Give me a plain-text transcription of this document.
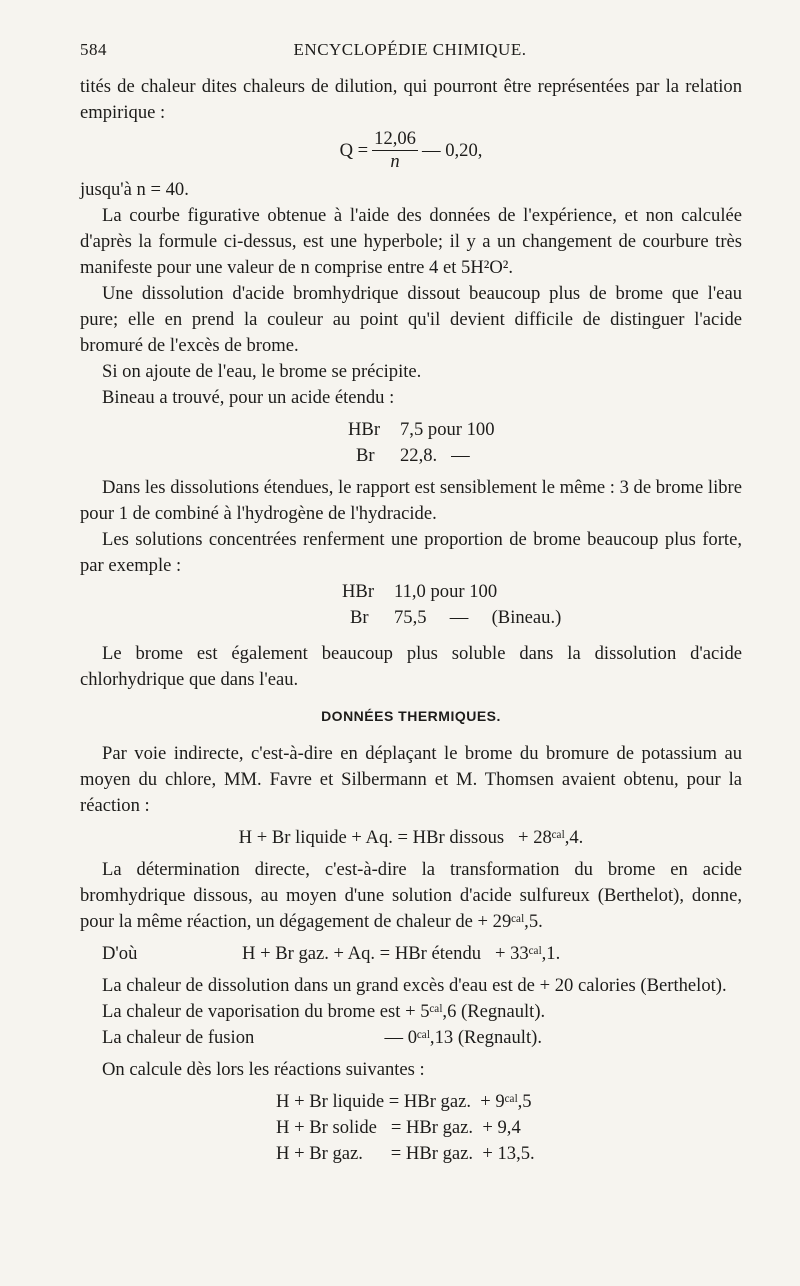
584	ENCYCLOPÉDIE CHIMIQUE.

tités de chaleur dites chaleurs de dilution, qui pourront être représentées par la relation empirique :

$Q = \frac{12,06}{n}$ — 0,20,

jusqu'à n = 40.

La courbe figurative obtenue à l'aide des données de l'expérience, et non calculée d'après la formule ci-dessus, est une hyperbole; il y a un changement de courbure très manifeste pour une valeur de n comprise entre 4 et 5H²O².

Une dissolution d'acide bromhydrique dissout beaucoup plus de brome que l'eau pure; elle en prend la couleur au point qu'il devient difficile de distinguer l'acide bromuré de l'excès de brome.

Si on ajoute de l'eau, le brome se précipite.

Bineau a trouvé, pour un acide étendu :

HBr	7,5 pour 100
Br	22,8.   —

Dans les dissolutions étendues, le rapport est sensiblement le même : 3 de brome libre pour 1 de combiné à l'hydrogène de l'hydracide.

Les solutions concentrées renferment une proportion de brome beaucoup plus forte, par exemple :

HBr	11,0 pour 100
Br	75,5     —     (Bineau.)

Le brome est également beaucoup plus soluble dans la dissolution d'acide chlorhydrique que dans l'eau.

DONNÉES THERMIQUES.

Par voie indirecte, c'est-à-dire en déplaçant le brome du bromure de potassium au moyen du chlore, MM. Favre et Silbermann et M. Thomsen avaient obtenu, pour la réaction :

H + Br liquide + Aq. = HBr dissous   + 28ᶜᵃˡ,4.

La détermination directe, c'est-à-dire la transformation du brome en acide bromhydrique dissous, au moyen d'une solution d'acide sulfureux (Berthelot), donne, pour la même réaction, un dégagement de chaleur de + 29ᶜᵃˡ,5.

D'où	H + Br gaz. + Aq. = HBr étendu   + 33ᶜᵃˡ,1.

La chaleur de dissolution dans un grand excès d'eau est de + 20 calories (Berthelot).

La chaleur de vaporisation du brome est + 5ᶜᵃˡ,6 (Regnault).

La chaleur de fusion                            — 0ᶜᵃˡ,13 (Regnault).

On calcule dès lors les réactions suivantes :

H + Br liquide = HBr gaz.  + 9ᶜᵃˡ,5
H + Br solide   = HBr gaz.  + 9,4
H + Br gaz.      = HBr gaz.  + 13,5.
